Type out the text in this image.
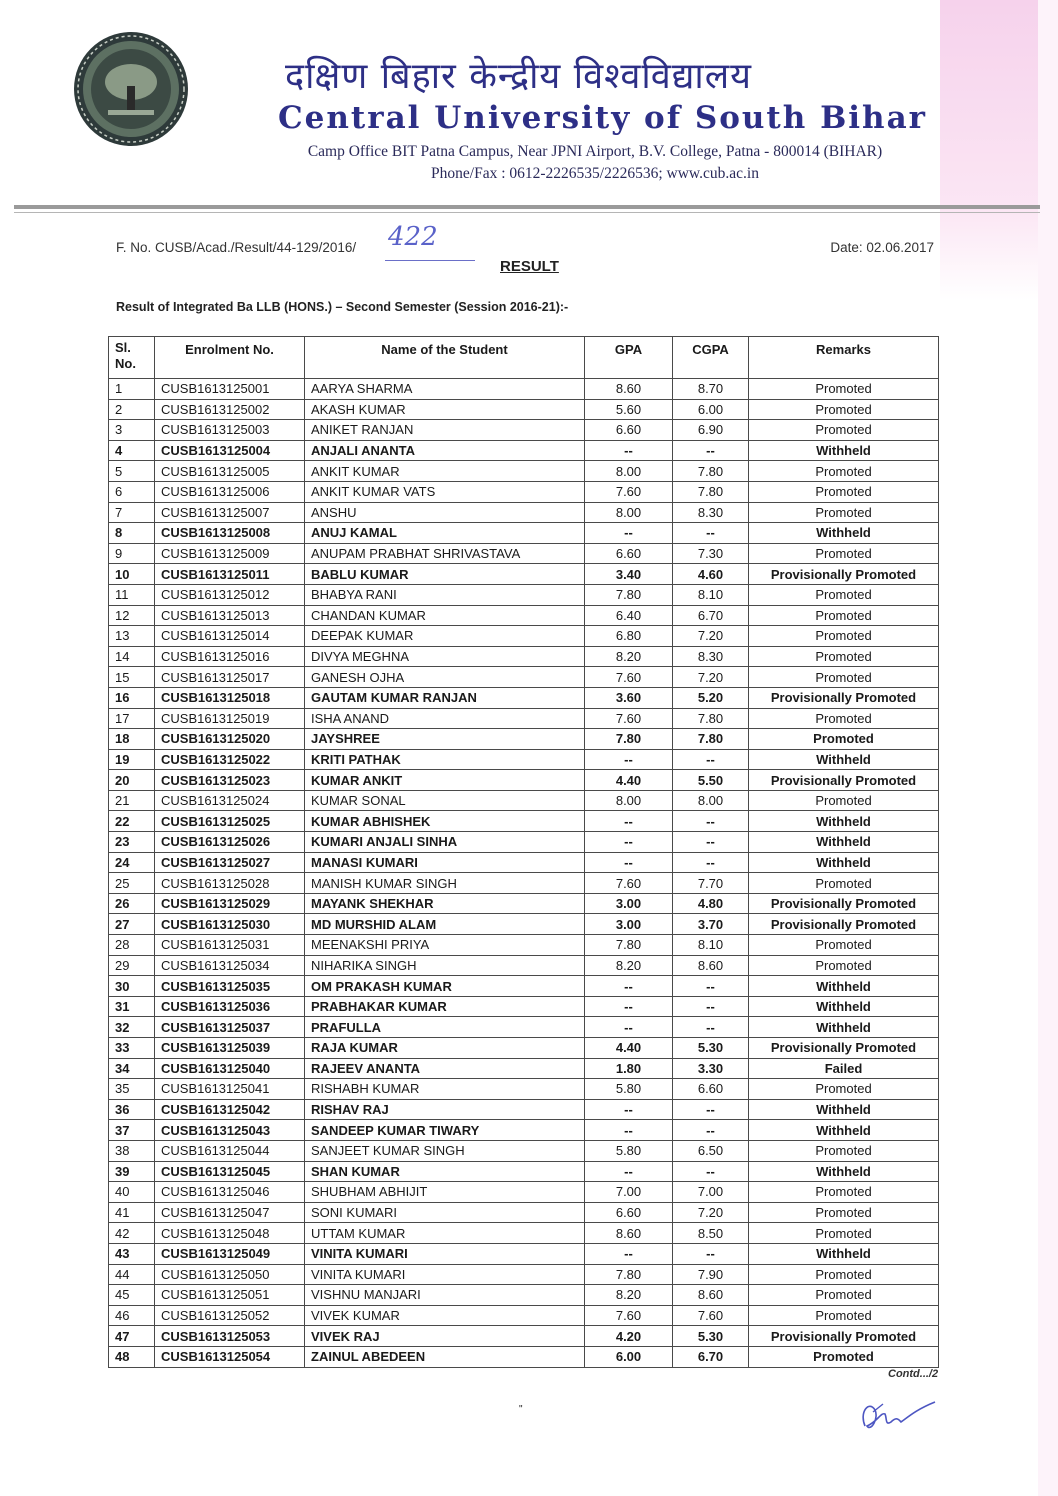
दक्षिण बिहार केन्द्रीय विश्वविद्यालय
Central University of South Bihar
Camp Office BIT Patna Campus, Near JPNI Airport, B.V. College, Patna - 800014 (BIHAR)
Phone/Fax : 0612-2226535/2226536; www.cub.ac.in
F. No. CUSB/Acad./Result/44-129/2016/ 422	Date: 02.06.2017
RESULT
Result of Integrated Ba LLB (HONS.) – Second Semester (Session 2016-21):-
Sl. No.	Enrolment No.	Name of the Student	GPA	CGPA	Remarks
1	CUSB1613125001	AARYA SHARMA	8.60	8.70	Promoted
2	CUSB1613125002	AKASH KUMAR	5.60	6.00	Promoted
3	CUSB1613125003	ANIKET RANJAN	6.60	6.90	Promoted
4	CUSB1613125004	ANJALI ANANTA	--	--	Withheld
5	CUSB1613125005	ANKIT KUMAR	8.00	7.80	Promoted
6	CUSB1613125006	ANKIT KUMAR VATS	7.60	7.80	Promoted
7	CUSB1613125007	ANSHU	8.00	8.30	Promoted
8	CUSB1613125008	ANUJ KAMAL	--	--	Withheld
9	CUSB1613125009	ANUPAM PRABHAT SHRIVASTAVA	6.60	7.30	Promoted
10	CUSB1613125011	BABLU KUMAR	3.40	4.60	Provisionally Promoted
11	CUSB1613125012	BHABYA RANI	7.80	8.10	Promoted
12	CUSB1613125013	CHANDAN KUMAR	6.40	6.70	Promoted
13	CUSB1613125014	DEEPAK KUMAR	6.80	7.20	Promoted
14	CUSB1613125016	DIVYA MEGHNA	8.20	8.30	Promoted
15	CUSB1613125017	GANESH OJHA	7.60	7.20	Promoted
16	CUSB1613125018	GAUTAM KUMAR RANJAN	3.60	5.20	Provisionally Promoted
17	CUSB1613125019	ISHA ANAND	7.60	7.80	Promoted
18	CUSB1613125020	JAYSHREE	7.80	7.80	Promoted
19	CUSB1613125022	KRITI PATHAK	--	--	Withheld
20	CUSB1613125023	KUMAR ANKIT	4.40	5.50	Provisionally Promoted
21	CUSB1613125024	KUMAR SONAL	8.00	8.00	Promoted
22	CUSB1613125025	KUMAR ABHISHEK	--	--	Withheld
23	CUSB1613125026	KUMARI ANJALI SINHA	--	--	Withheld
24	CUSB1613125027	MANASI KUMARI	--	--	Withheld
25	CUSB1613125028	MANISH KUMAR SINGH	7.60	7.70	Promoted
26	CUSB1613125029	MAYANK SHEKHAR	3.00	4.80	Provisionally Promoted
27	CUSB1613125030	MD MURSHID ALAM	3.00	3.70	Provisionally Promoted
28	CUSB1613125031	MEENAKSHI PRIYA	7.80	8.10	Promoted
29	CUSB1613125034	NIHARIKA SINGH	8.20	8.60	Promoted
30	CUSB1613125035	OM PRAKASH KUMAR	--	--	Withheld
31	CUSB1613125036	PRABHAKAR KUMAR	--	--	Withheld
32	CUSB1613125037	PRAFULLA	--	--	Withheld
33	CUSB1613125039	RAJA KUMAR	4.40	5.30	Provisionally Promoted
34	CUSB1613125040	RAJEEV ANANTA	1.80	3.30	Failed
35	CUSB1613125041	RISHABH KUMAR	5.80	6.60	Promoted
36	CUSB1613125042	RISHAV RAJ	--	--	Withheld
37	CUSB1613125043	SANDEEP KUMAR TIWARY	--	--	Withheld
38	CUSB1613125044	SANJEET KUMAR SINGH	5.80	6.50	Promoted
39	CUSB1613125045	SHAN KUMAR	--	--	Withheld
40	CUSB1613125046	SHUBHAM ABHIJIT	7.00	7.00	Promoted
41	CUSB1613125047	SONI KUMARI	6.60	7.20	Promoted
42	CUSB1613125048	UTTAM KUMAR	8.60	8.50	Promoted
43	CUSB1613125049	VINITA KUMARI	--	--	Withheld
44	CUSB1613125050	VINITA KUMARI	7.80	7.90	Promoted
45	CUSB1613125051	VISHNU MANJARI	8.20	8.60	Promoted
46	CUSB1613125052	VIVEK KUMAR	7.60	7.60	Promoted
47	CUSB1613125053	VIVEK RAJ	4.20	5.30	Provisionally Promoted
48	CUSB1613125054	ZAINUL ABEDEEN	6.00	6.70	Promoted
Contd.../2
"
